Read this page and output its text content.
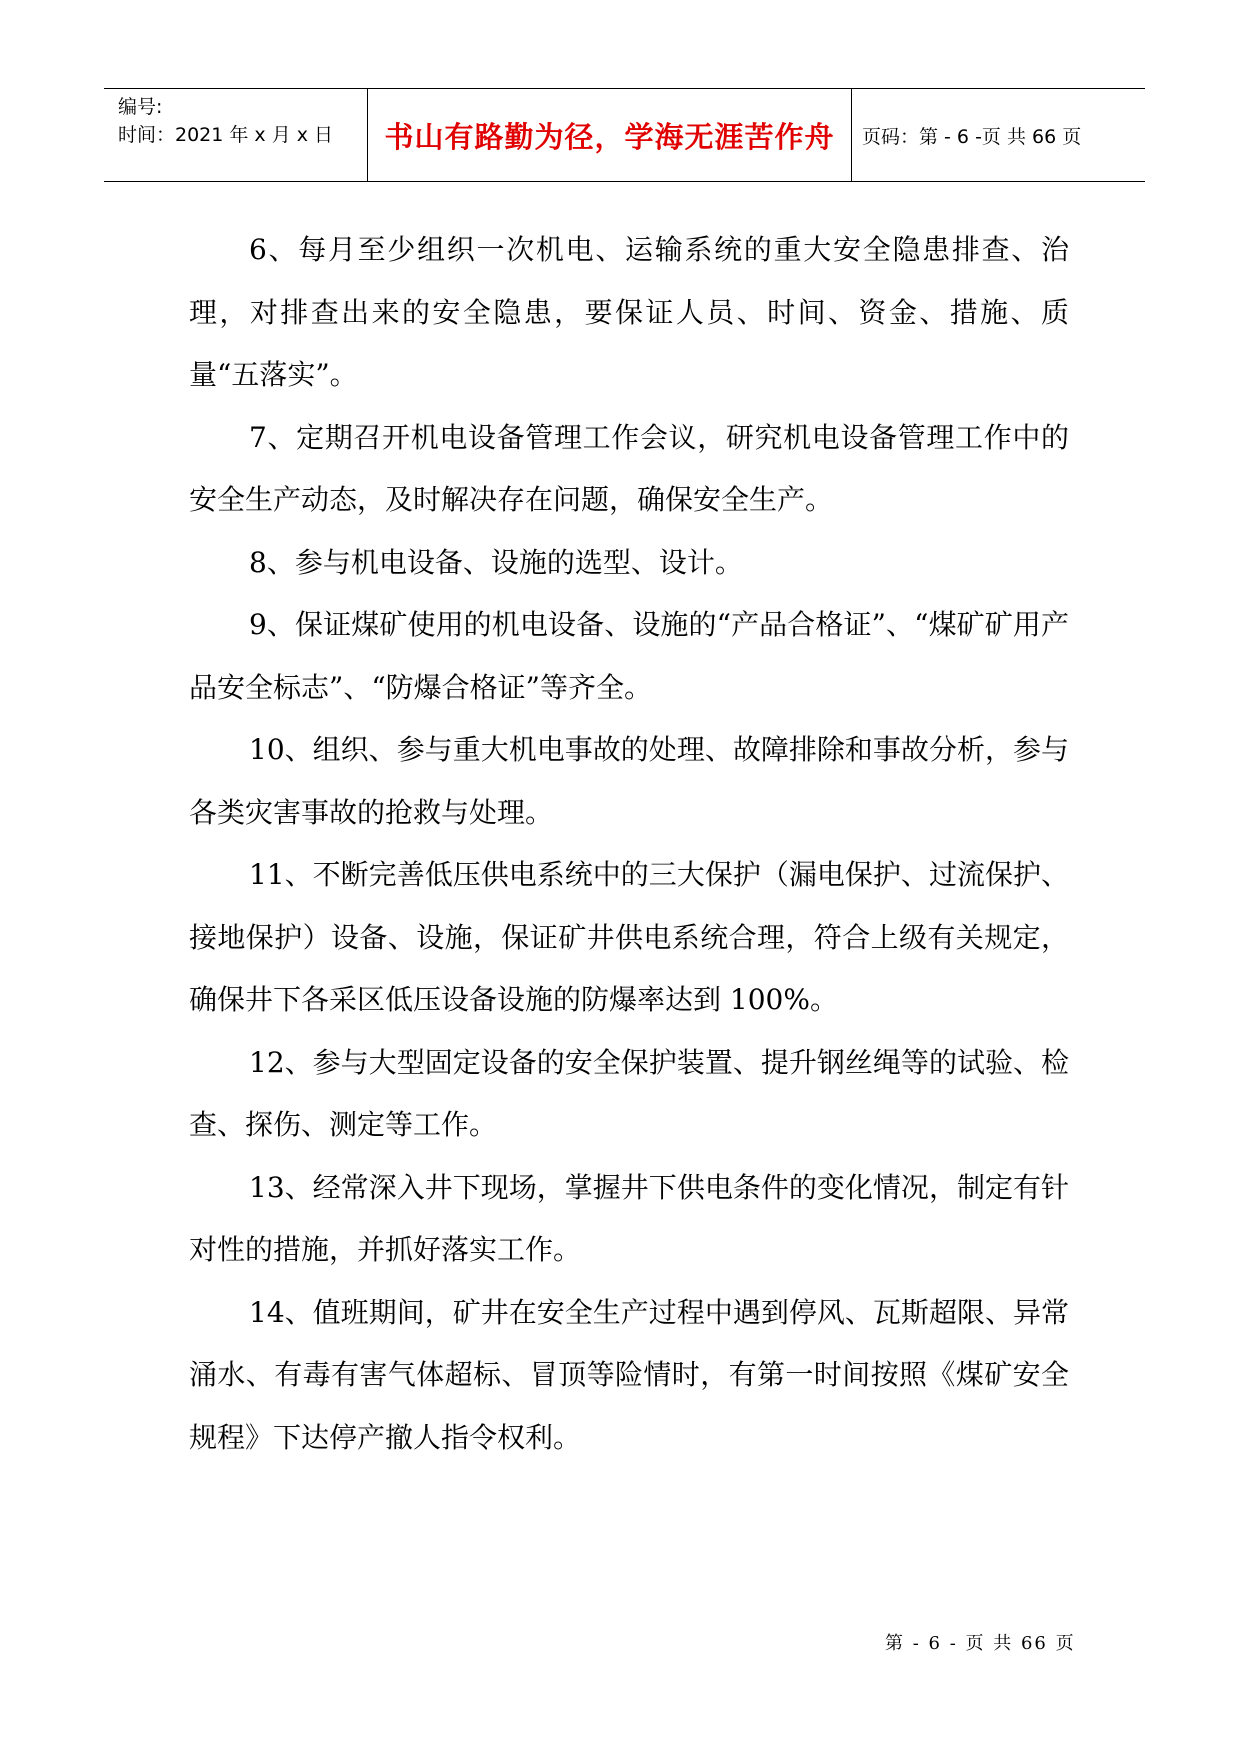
编号:
时间：2021 年 x 月 x 日	书山有路勤为径，学海无涯苦作舟 页码：第 - 6 -页 共 66 页

6、每月至少组织一次机电、运输系统的重大安全隐患排查、治理，对排查出来的安全隐患，要保证人员、时间、资金、措施、质量“五落实”。

7、定期召开机电设备管理工作会议，研究机电设备管理工作中的安全生产动态，及时解决存在问题，确保安全生产。

8、参与机电设备、设施的选型、设计。

9、保证煤矿使用的机电设备、设施的“产品合格证”、“煤矿矿用产品安全标志”、“防爆合格证”等齐全。

10、组织、参与重大机电事故的处理、故障排除和事故分析，参与各类灾害事故的抢救与处理。

11、不断完善低压供电系统中的三大保护（漏电保护、过流保护、接地保护）设备、设施，保证矿井供电系统合理，符合上级有关规定，确保井下各采区低压设备设施的防爆率达到 100%。

12、参与大型固定设备的安全保护装置、提升钢丝绳等的试验、检查、探伤、测定等工作。

13、经常深入井下现场，掌握井下供电条件的变化情况，制定有针对性的措施，并抓好落实工作。

14、值班期间，矿井在安全生产过程中遇到停风、瓦斯超限、异常涌水、有毒有害气体超标、冒顶等险情时，有第一时间按照《煤矿安全规程》下达停产撤人指令权利。

第 - 6 - 页 共 66 页
